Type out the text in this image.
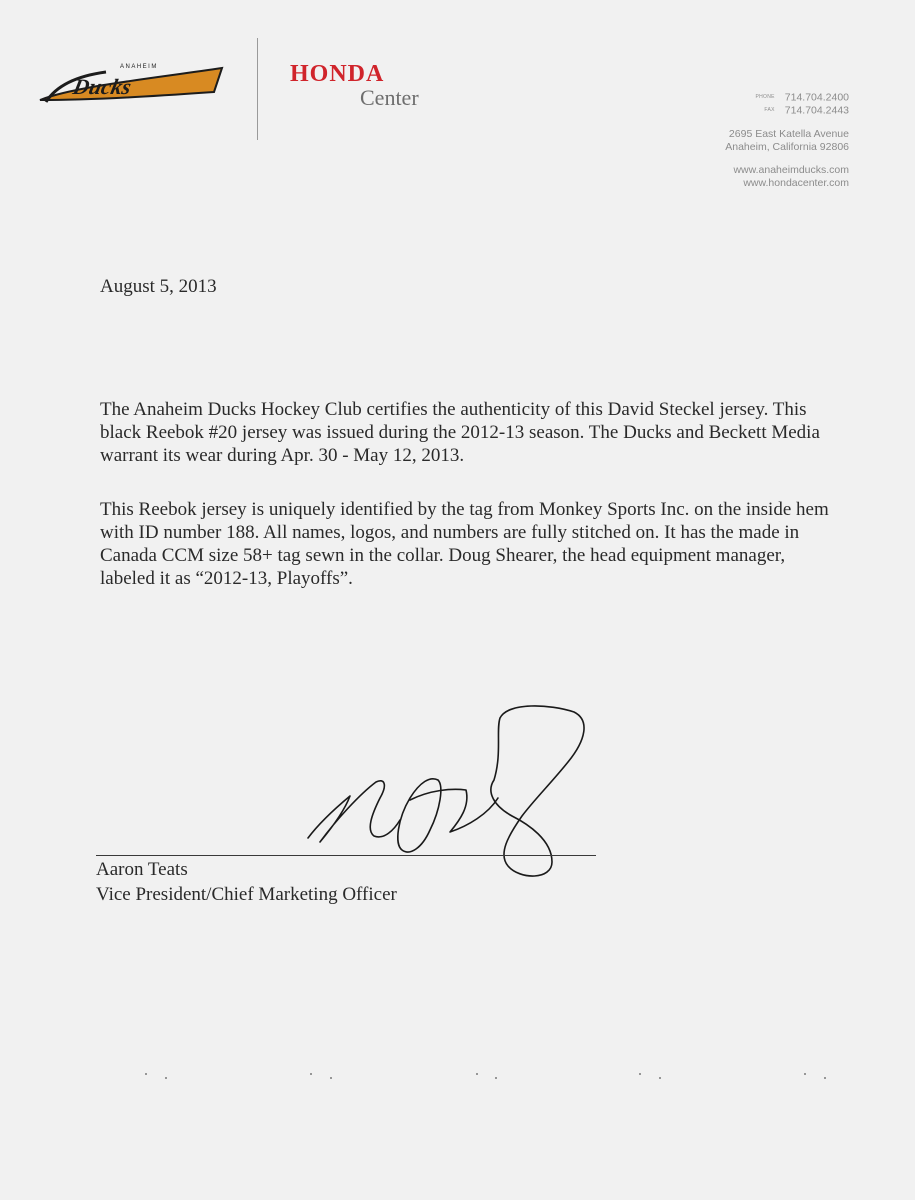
Ducks
ANAHEIM	HONDA
Center	PHONE 714.704.2400
FAX 714.704.2443
2695 East Katella Avenue
Anaheim, California 92806
www.anaheimducks.com
www.hondacenter.com
August 5, 2013

The Anaheim Ducks Hockey Club certifies the authenticity of this David Steckel jersey. This black Reebok #20 jersey was issued during the 2012-13 season. The Ducks and Beckett Media warrant its wear during Apr. 30 - May 12, 2013.

This Reebok jersey is uniquely identified by the tag from Monkey Sports Inc. on the inside hem with ID number 188. All names, logos, and numbers are fully stitched on. It has the made in Canada CCM size 58+ tag sewn in the collar. Doug Shearer, the head equipment manager, labeled it as “2012-13, Playoffs”.

Aaron Teats
Vice President/Chief Marketing Officer
